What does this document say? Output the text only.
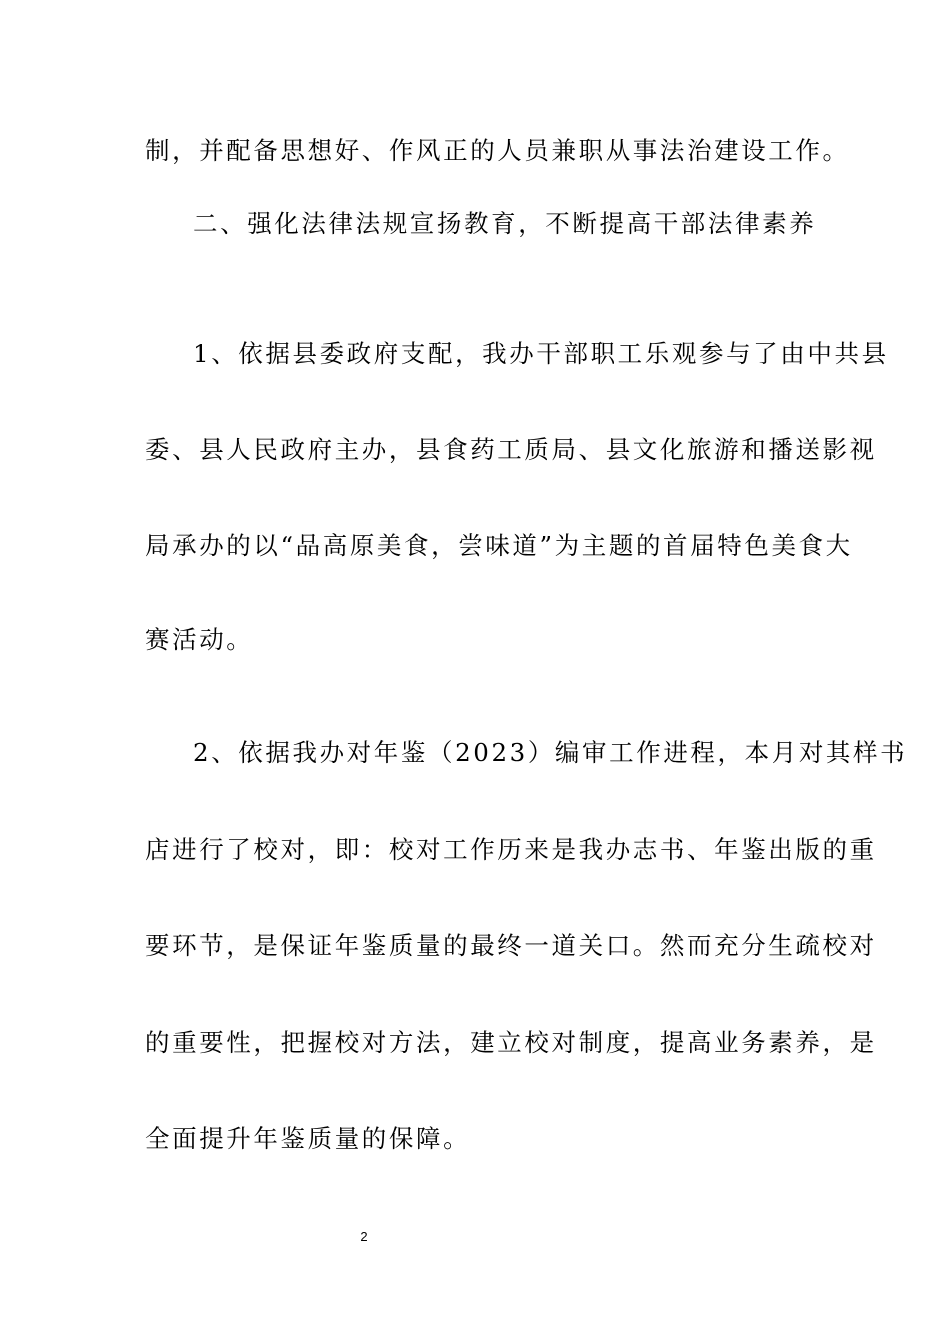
制，并配备思想好、作风正的人员兼职从事法治建设工作。
二、强化法律法规宣扬教育，不断提高干部法律素养
1、依据县委政府支配，我办干部职工乐观参与了由中共县
委、县人民政府主办，县食药工质局、县文化旅游和播送影视
局承办的以“品高原美食，尝味道”为主题的首届特色美食大
赛活动。
2、依据我办对年鉴（2023）编审工作进程，本月对其样书
店进行了校对，即：校对工作历来是我办志书、年鉴出版的重
要环节，是保证年鉴质量的最终一道关口。然而充分生疏校对
的重要性，把握校对方法，建立校对制度，提高业务素养，是
全面提升年鉴质量的保障。
2
